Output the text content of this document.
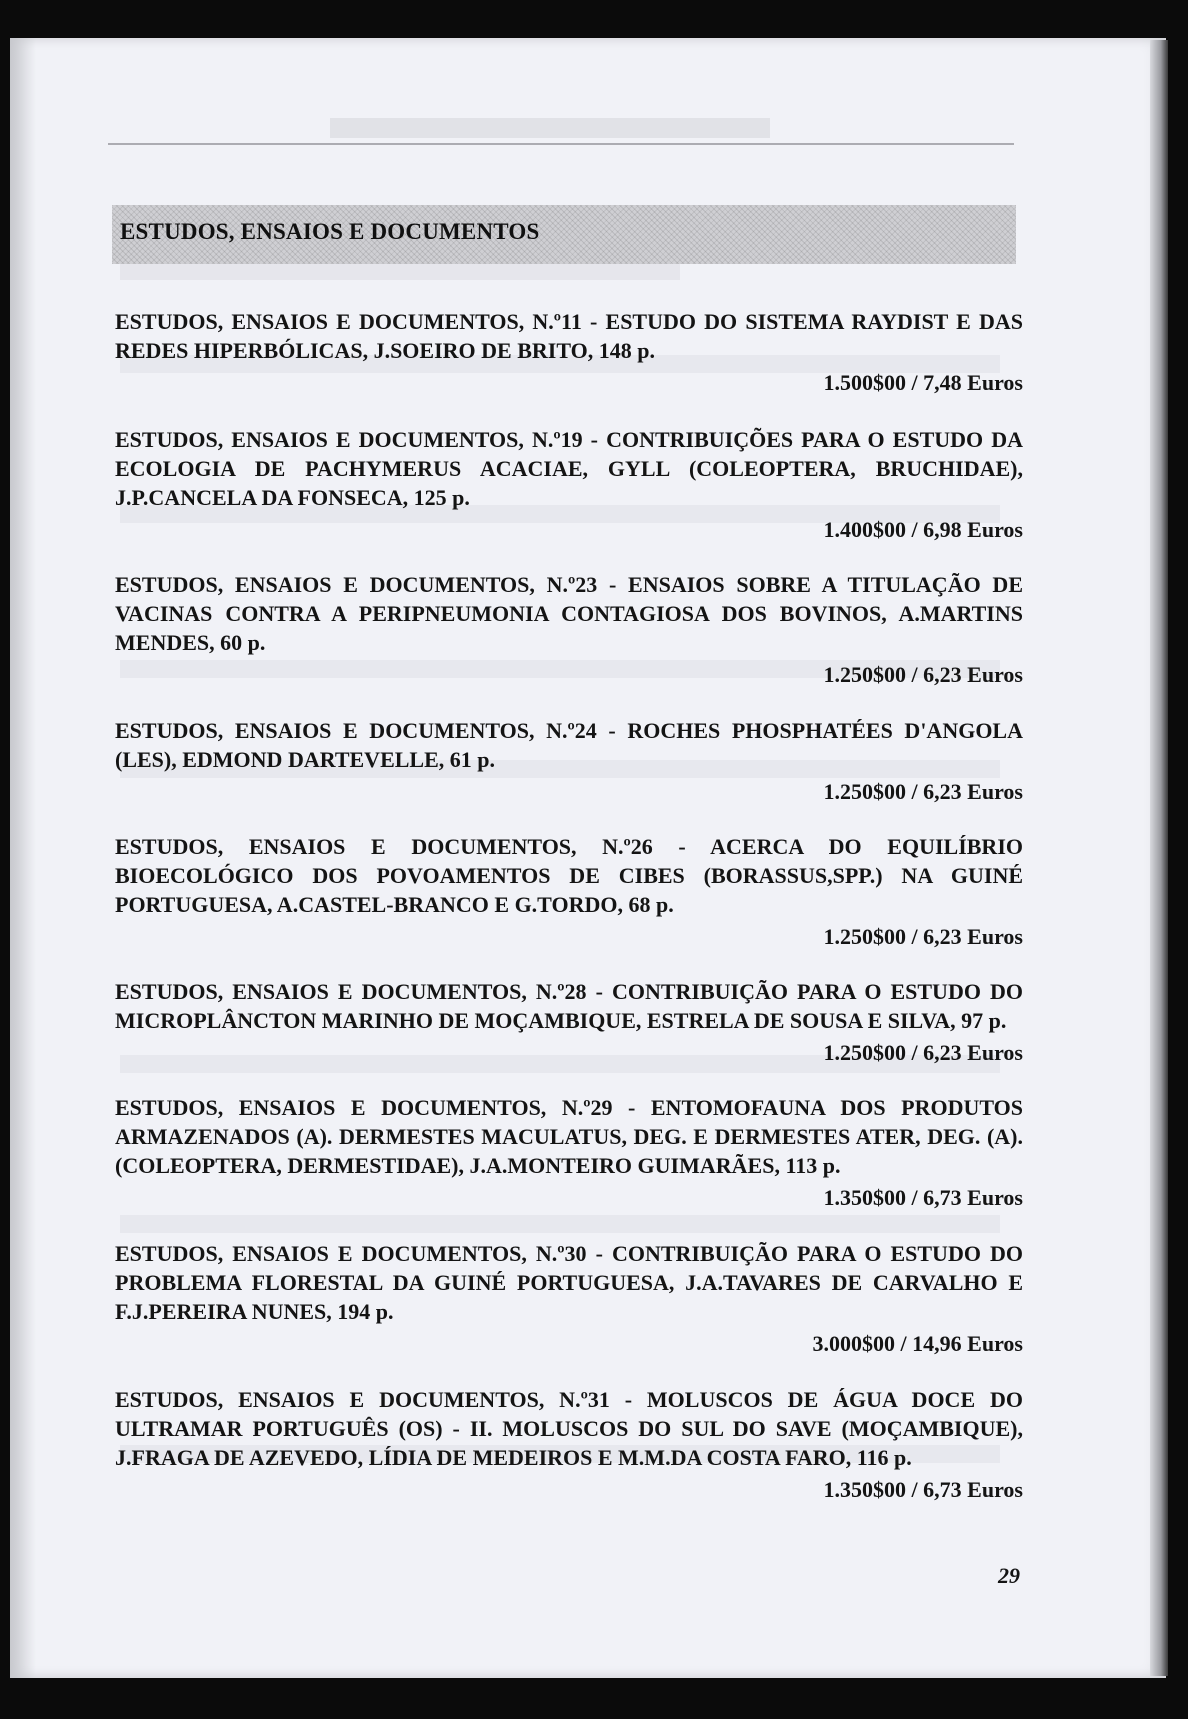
ESTUDOS, ENSAIOS E DOCUMENTOS
ESTUDOS, ENSAIOS E DOCUMENTOS, N.º11 - ESTUDO DO SISTEMA RAYDIST E DAS REDES HIPERBÓLICAS, J.SOEIRO DE BRITO, 148 p.
1.500$00 / 7,48 Euros
ESTUDOS, ENSAIOS E DOCUMENTOS, N.º19 - CONTRIBUIÇÕES PARA O ESTUDO DA ECOLOGIA DE PACHYMERUS ACACIAE, GYLL (COLEOPTERA, BRUCHIDAE), J.P.CANCELA DA FONSECA, 125 p.
1.400$00 / 6,98 Euros
ESTUDOS, ENSAIOS E DOCUMENTOS, N.º23 - ENSAIOS SOBRE A TITULAÇÃO DE VACINAS CONTRA A PERIPNEUMONIA CONTAGIOSA DOS BOVINOS, A.MARTINS MENDES, 60 p.
1.250$00 / 6,23 Euros
ESTUDOS, ENSAIOS E DOCUMENTOS, N.º24 - ROCHES PHOSPHATÉES D'ANGOLA (LES), EDMOND DARTEVELLE, 61 p.
1.250$00 / 6,23 Euros
ESTUDOS, ENSAIOS E DOCUMENTOS, N.º26 - ACERCA DO EQUILÍBRIO BIOECOLÓGICO DOS POVOAMENTOS DE CIBES (BORASSUS,SPP.) NA GUINÉ PORTUGUESA, A.CASTEL-BRANCO E G.TORDO, 68 p.
1.250$00 / 6,23 Euros
ESTUDOS, ENSAIOS E DOCUMENTOS, N.º28 - CONTRIBUIÇÃO PARA O ESTUDO DO MICROPLÂNCTON MARINHO DE MOÇAMBIQUE, ESTRELA DE SOUSA E SILVA, 97 p.
1.250$00 / 6,23 Euros
ESTUDOS, ENSAIOS E DOCUMENTOS, N.º29 - ENTOMOFAUNA DOS PRODUTOS ARMAZENADOS (A). DERMESTES MACULATUS, DEG. E DERMESTES ATER, DEG. (A). (COLEOPTERA, DERMESTIDAE), J.A.MONTEIRO GUIMARÃES, 113 p.
1.350$00 / 6,73 Euros
ESTUDOS, ENSAIOS E DOCUMENTOS, N.º30 - CONTRIBUIÇÃO PARA O ESTUDO DO PROBLEMA FLORESTAL DA GUINÉ PORTUGUESA, J.A.TAVARES DE CARVALHO E F.J.PEREIRA NUNES, 194 p.
3.000$00 / 14,96 Euros
ESTUDOS, ENSAIOS E DOCUMENTOS, N.º31 - MOLUSCOS DE ÁGUA DOCE DO ULTRAMAR PORTUGUÊS (OS) - II. MOLUSCOS DO SUL DO SAVE (MOÇAMBIQUE), J.FRAGA DE AZEVEDO, LÍDIA DE MEDEIROS E M.M.DA COSTA FARO, 116 p.
1.350$00 / 6,73 Euros
29
